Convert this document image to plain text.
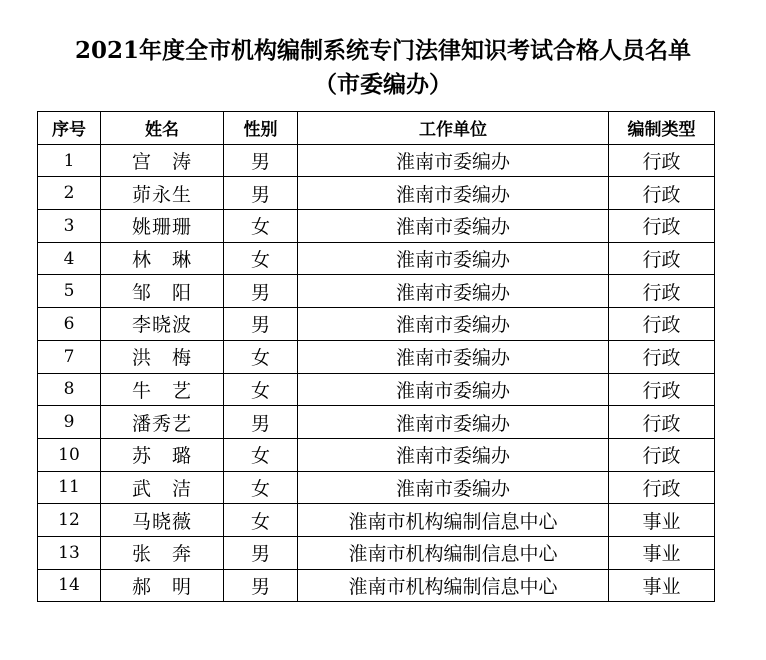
2021年度全市机构编制系统专门法律知识考试合格人员名单
（市委编办）
序号	姓名	性别	工作单位	编制类型
1	宫　涛	男	淮南市委编办	行政
2	茆永生	男	淮南市委编办	行政
3	姚珊珊	女	淮南市委编办	行政
4	林　琳	女	淮南市委编办	行政
5	邹　阳	男	淮南市委编办	行政
6	李晓波	男	淮南市委编办	行政
7	洪　梅	女	淮南市委编办	行政
8	牛　艺	女	淮南市委编办	行政
9	潘秀艺	男	淮南市委编办	行政
10	苏　璐	女	淮南市委编办	行政
11	武　洁	女	淮南市委编办	行政
12	马晓薇	女	淮南市机构编制信息中心	事业
13	张　奔	男	淮南市机构编制信息中心	事业
14	郝　明	男	淮南市机构编制信息中心	事业
